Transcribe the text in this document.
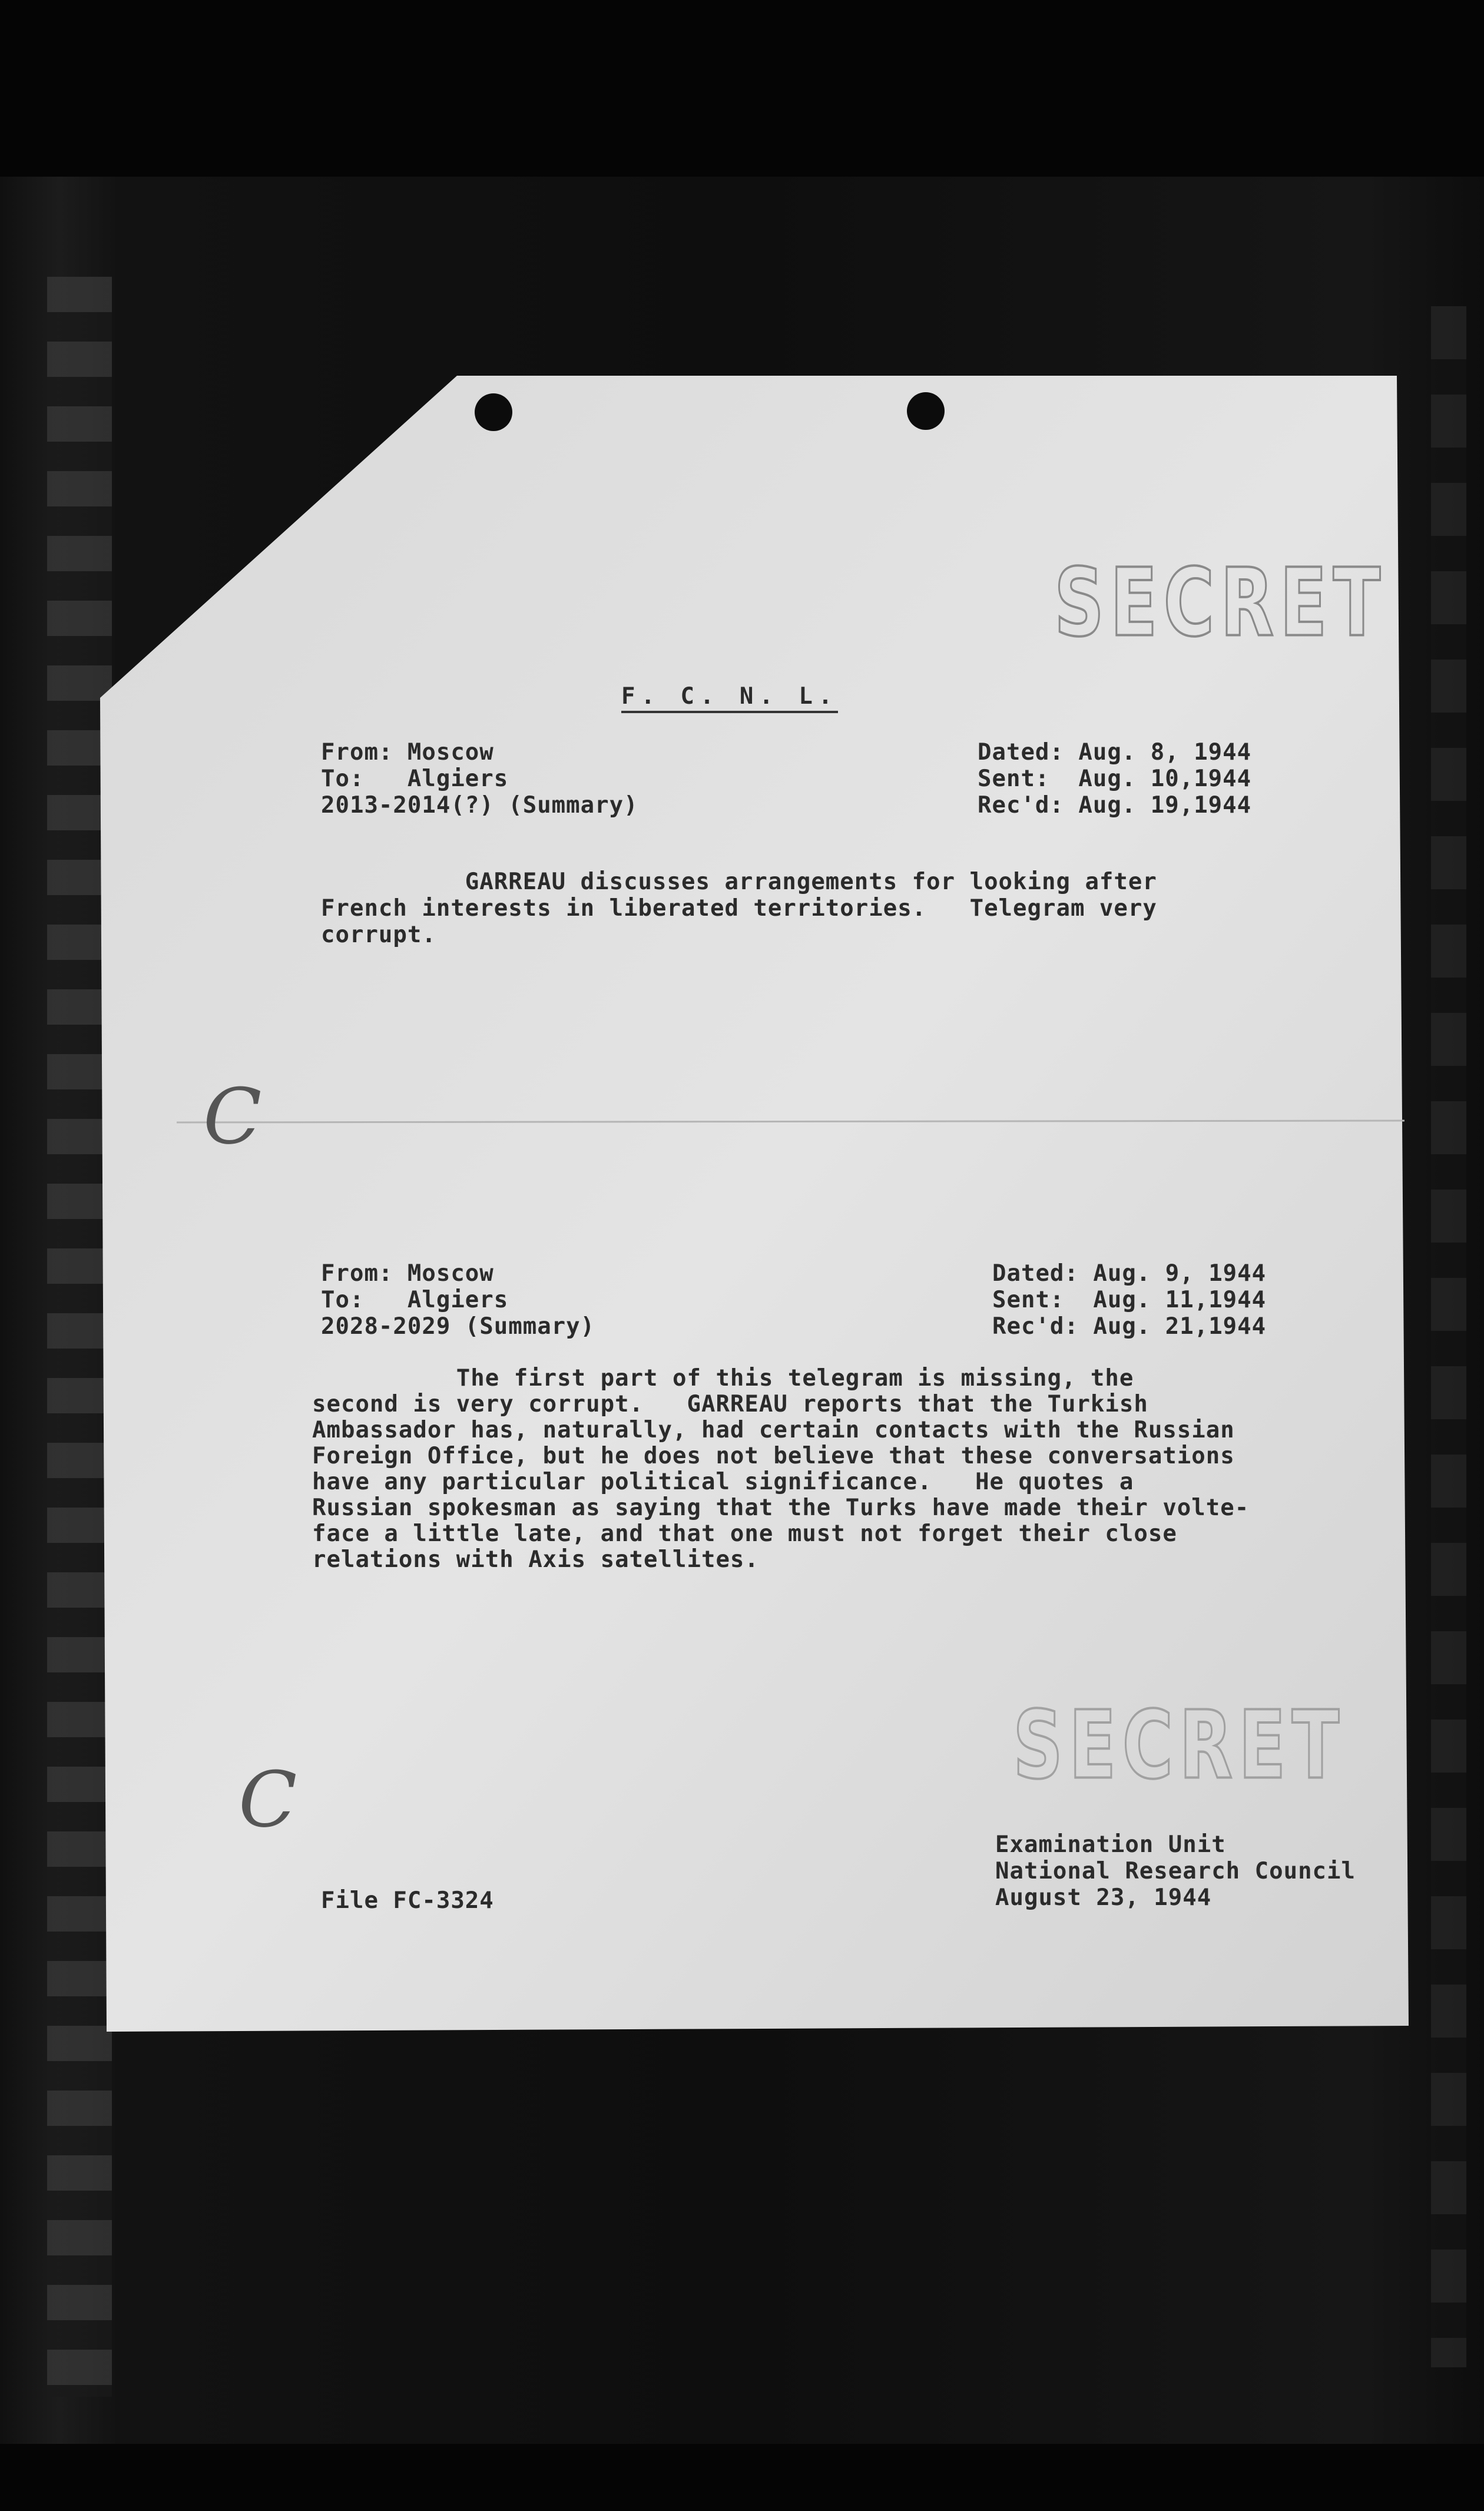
SECRET
SECRET
F. C. N. L.
From: Moscow
To:   Algiers
2013-2014(?) (Summary)
Dated: Aug. 8, 1944
Sent:  Aug. 10,1944
Rec'd: Aug. 19,1944
GARREAU discusses arrangements for looking after
French interests in liberated territories.   Telegram very
corrupt.
C
From: Moscow
To:   Algiers
2028-2029 (Summary)
Dated: Aug. 9, 1944
Sent:  Aug. 11,1944
Rec'd: Aug. 21,1944
The first part of this telegram is missing, the
second is very corrupt.   GARREAU reports that the Turkish
Ambassador has, naturally, had certain contacts with the Russian
Foreign Office, but he does not believe that these conversations
have any particular political significance.   He quotes a
Russian spokesman as saying that the Turks have made their volte-
face a little late, and that one must not forget their close
relations with Axis satellites.
C
Examination Unit
National Research Council
August 23, 1944
File FC-3324
